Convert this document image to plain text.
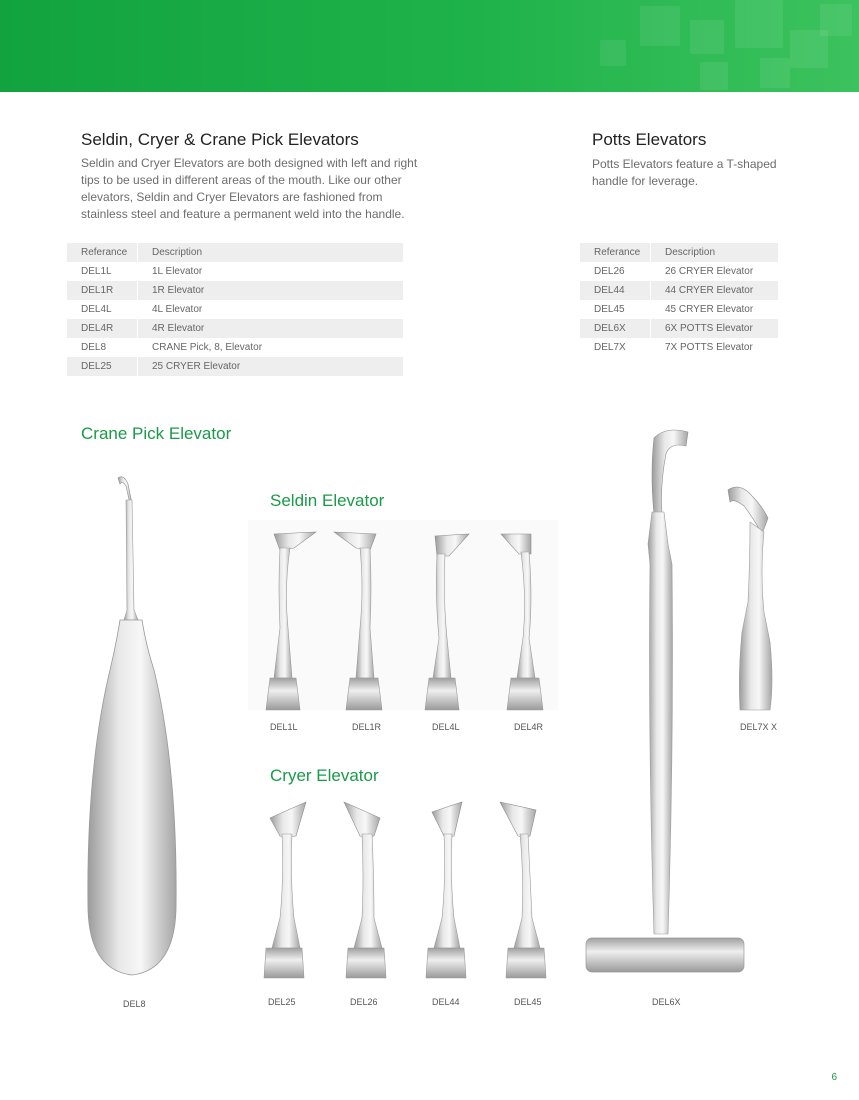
Seldin, Cryer & Crane Pick Elevators

Seldin and Cryer Elevators are both designed with left and right tips to be used in different areas of the mouth. Like our other elevators, Seldin and Cryer Elevators are fashioned from stainless steel and feature a permanent weld into the handle.

Referance	Description
DEL1L	1L Elevator
DEL1R	1R Elevator
DEL4L	4L Elevator
DEL4R	4R Elevator
DEL8	CRANE Pick, 8, Elevator
DEL25	25 CRYER Elevator
Potts Elevators

Potts Elevators feature a T-shaped handle for leverage.

Referance	Description
DEL26	26 CRYER Elevator
DEL44	44 CRYER Elevator
DEL45	45 CRYER Elevator
DEL6X	6X POTTS Elevator
DEL7X	7X POTTS Elevator
Crane Pick Elevator
Seldin Elevator
Cryer Elevator
DEL8
DEL1L	DEL1R	DEL4L	DEL4R
DEL25	DEL26	DEL44	DEL45	DEL6X
DEL7X X
6
